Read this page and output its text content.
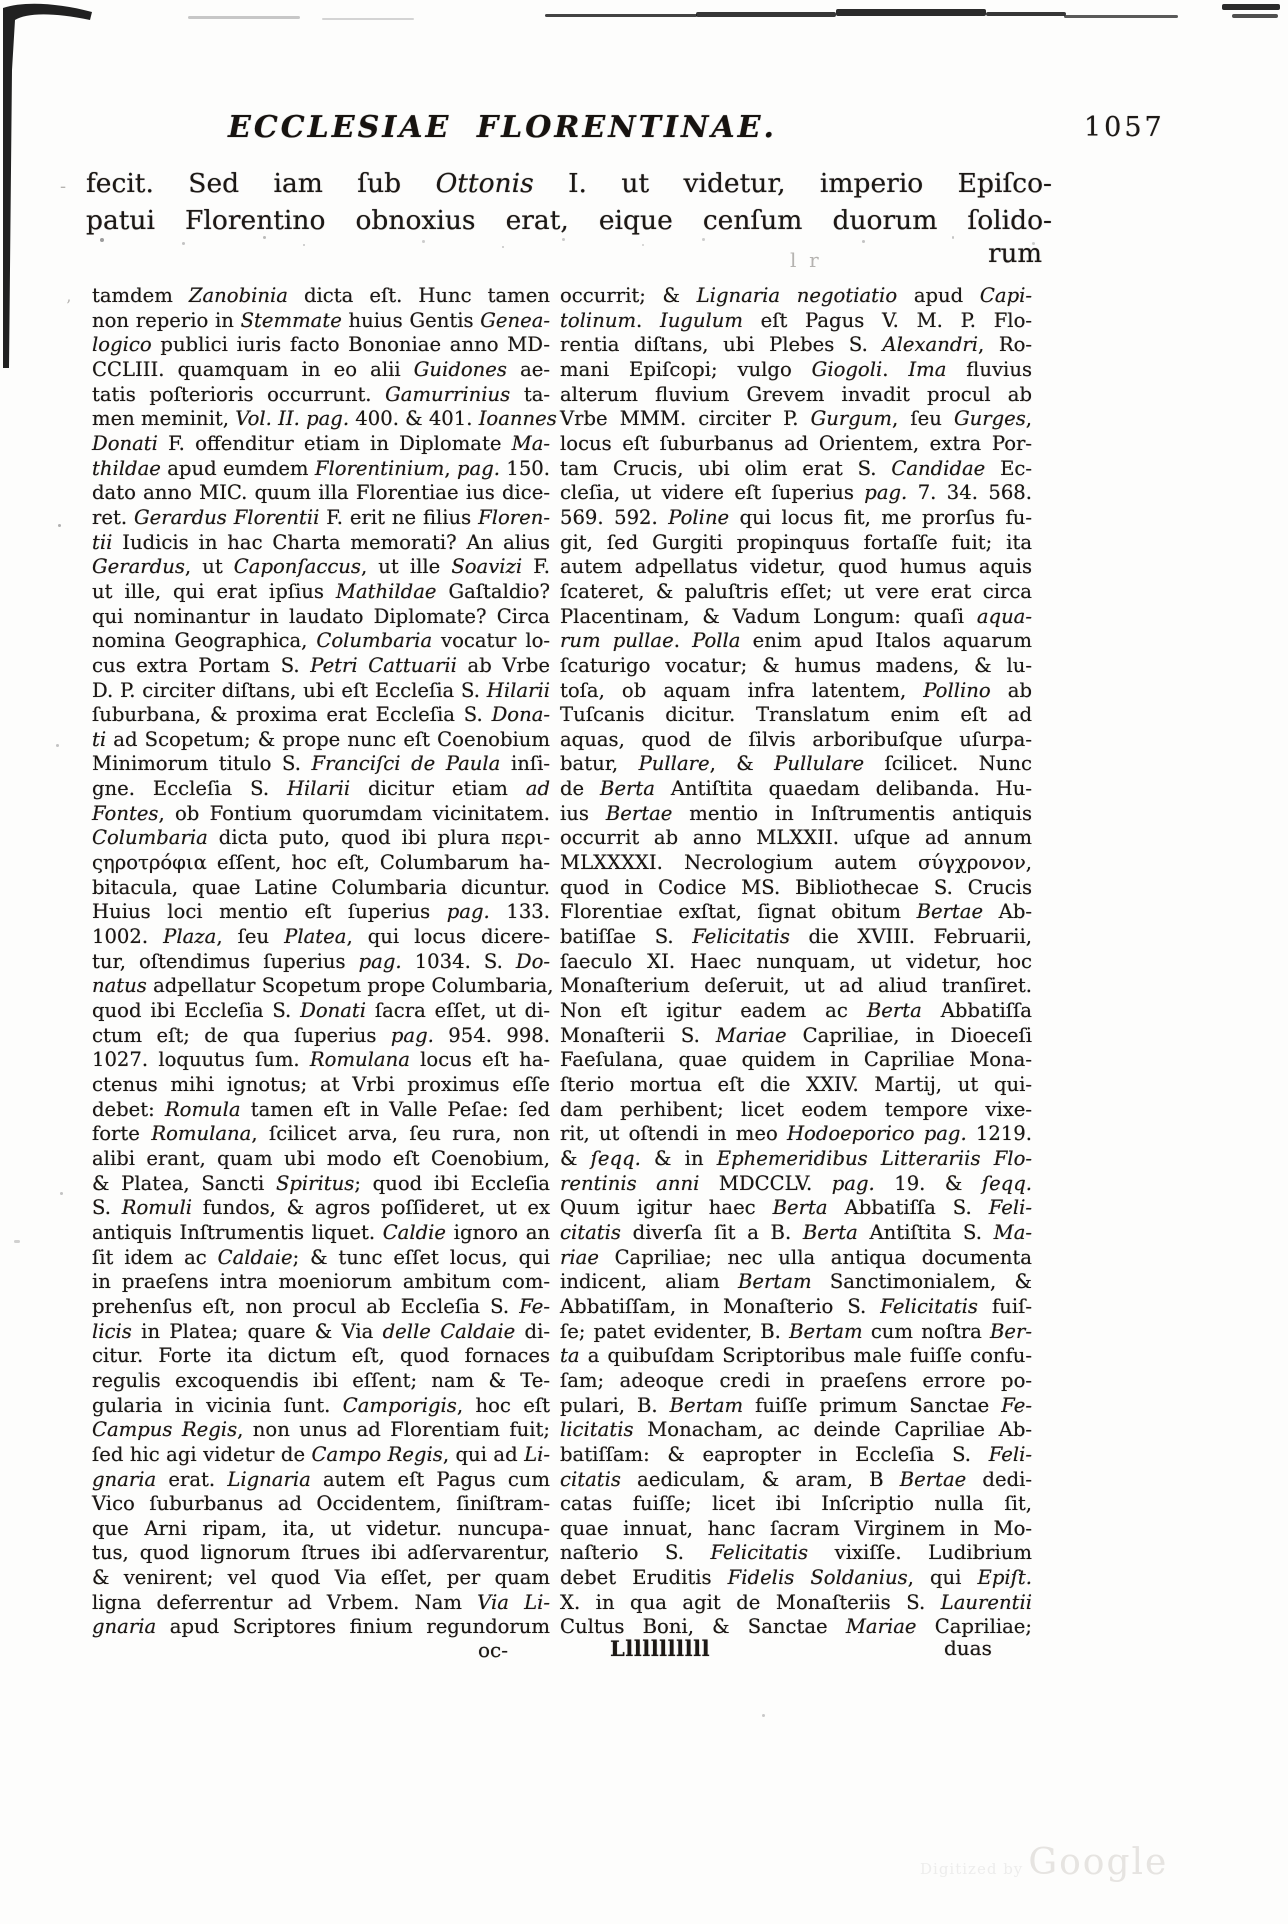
l  r
-
’
ECCLESIAE FLORENTINAE.	1057
fecit. Sed iam ſub Ottonis I. ut videtur, imperio Epiſco-
patui Florentino obnoxius erat, eique cenſum duorum ſolido-
rum
tamdem Zanobinia dicta eſt. Hunc tamen
non reperio in Stemmate huius Gentis Genea-
logico publici iuris facto Bononiae anno MD-
CCLIII. quamquam in eo alii Guidones ae-
tatis poſterioris occurrunt. Gamurrinius ta-
men meminit, Vol. II. pag. 400. & 401. Ioannes
Donati F. offenditur etiam in Diplomate Ma-
thildae apud eumdem Florentinium, pag. 150.
dato anno MIC. quum illa Florentiae ius dice-
ret. Gerardus Florentii F. erit ne filius Floren-
tii Iudicis in hac Charta memorati? An alius
Gerardus, ut Caponſaccus, ut ille Soavizi F.
ut ille, qui erat ipſius Mathildae Gaſtaldio?
qui nominantur in laudato Diplomate? Circa
nomina Geographica, Columbaria vocatur lo-
cus extra Portam S. Petri Cattuarii ab Vrbe
D. P. circiter diſtans, ubi eſt Eccleſia S. Hilarii
ſuburbana, & proxima erat Eccleſia S. Dona-
ti ad Scopetum; & prope nunc eſt Coenobium
Minimorum titulo S. Franciſci de Paula inſi-
gne. Eccleſia S. Hilarii dicitur etiam ad
Fontes, ob Fontium quorumdam vicinitatem.
Columbaria dicta puto, quod ibi plura περι-
ςηροτρόφια eſſent, hoc eſt, Columbarum ha-
bitacula, quae Latine Columbaria dicuntur.
Huius loci mentio eſt ſuperius pag. 133.
1002. Plaza, ſeu Platea, qui locus dicere-
tur, oſtendimus ſuperius pag. 1034. S. Do-
natus adpellatur Scopetum prope Columbaria,
quod ibi Eccleſia S. Donati ſacra eſſet, ut di-
ctum eſt; de qua ſuperius pag. 954. 998.
1027. loquutus ſum. Romulana locus eſt ha-
ctenus mihi ignotus; at Vrbi proximus eſſe
debet: Romula tamen eſt in Valle Peſae: ſed
forte Romulana, ſcilicet arva, ſeu rura, non
alibi erant, quam ubi modo eſt Coenobium,
& Platea, Sancti Spiritus; quod ibi Eccleſia
S. Romuli fundos, & agros poſſideret, ut ex
antiquis Inſtrumentis liquet. Caldie ignoro an
ſit idem ac Caldaie; & tunc eſſet locus, qui
in praeſens intra moeniorum ambitum com-
prehenſus eſt, non procul ab Eccleſia S. Fe-
licis in Platea; quare & Via delle Caldaie di-
citur. Forte ita dictum eſt, quod fornaces
regulis excoquendis ibi eſſent; nam & Te-
gularia in vicinia ſunt. Camporigis, hoc eſt
Campus Regis, non unus ad Florentiam fuit;
ſed hic agi videtur de Campo Regis, qui ad Li-
gnaria erat. Lignaria autem eſt Pagus cum
Vico ſuburbanus ad Occidentem, ſiniſtram-
que Arni ripam, ita, ut videtur. nuncupa-
tus, quod lignorum ſtrues ibi adſervarentur,
& venirent; vel quod Via eſſet, per quam
ligna deferrentur ad Vrbem. Nam Via Li-
gnaria apud Scriptores finium regundorum
occurrit; & Lignaria negotiatio apud Capi-
tolinum. Iugulum eſt Pagus V. M. P. Flo-
rentia diſtans, ubi Plebes S. Alexandri, Ro-
mani Epiſcopi; vulgo Giogoli. Ima fluvius
alterum fluvium Grevem invadit procul ab
Vrbe MMM. circiter P. Gurgum, ſeu Gurges,
locus eſt ſuburbanus ad Orientem, extra Por-
tam Crucis, ubi olim erat S. Candidae Ec-
cleſia, ut videre eſt ſuperius pag. 7. 34. 568.
569. 592. Poline qui locus fit, me prorſus fu-
git, ſed Gurgiti propinquus fortaſſe fuit; ita
autem adpellatus videtur, quod humus aquis
ſcateret, & paluſtris eſſet; ut vere erat circa
Placentinam, & Vadum Longum: quaſi aqua-
rum pullae. Polla enim apud Italos aquarum
ſcaturigo vocatur; & humus madens, & lu-
toſa, ob aquam infra latentem, Pollino ab
Tuſcanis dicitur. Translatum enim eſt ad
aquas, quod de ſilvis arboribuſque uſurpa-
batur, Pullare, & Pullulare ſcilicet. Nunc
de Berta Antiſtita quaedam delibanda. Hu-
ius Bertae mentio in Inſtrumentis antiquis
occurrit ab anno MLXXII. uſque ad annum
MLXXXXI. Necrologium autem σύγχρονον,
quod in Codice MS. Bibliothecae S. Crucis
Florentiae exſtat, ſignat obitum Bertae Ab-
batiſſae S. Felicitatis die XVIII. Februarii,
ſaeculo XI. Haec nunquam, ut videtur, hoc
Monaſterium deſeruit, ut ad aliud tranſiret.
Non eſt igitur eadem ac Berta Abbatiſſa
Monaſterii S. Mariae Capriliae, in Dioeceſi
Faeſulana, quae quidem in Capriliae Mona-
ſterio mortua eſt die XXIV. Martij, ut qui-
dam perhibent; licet eodem tempore vixe-
rit, ut oſtendi in meo Hodoeporico pag. 1219.
& ſeqq. & in Ephemeridibus Litterariis Flo-
rentinis anni MDCCLV. pag. 19. & ſeqq.
Quum igitur haec Berta Abbatiſſa S. Feli-
citatis diverſa ſit a B. Berta Antiſtita S. Ma-
riae Capriliae; nec ulla antiqua documenta
indicent, aliam Bertam Sanctimonialem, &
Abbatiſſam, in Monaſterio S. Felicitatis fuiſ-
ſe; patet evidenter, B. Bertam cum noſtra Ber-
ta a quibuſdam Scriptoribus male fuiſſe confu-
ſam; adeoque credi in praeſens errore po-
pulari, B. Bertam fuiſſe primum Sanctae Fe-
licitatis Monacham, ac deinde Capriliae Ab-
batiſſam: & eapropter in Eccleſia S. Feli-
citatis aediculam, & aram, B Bertae dedi-
catas fuiſſe; licet ibi Inſcriptio nulla ſit,
quae innuat, hanc ſacram Virginem in Mo-
naſterio S. Felicitatis vixiſſe. Ludibrium
debet Eruditis Fidelis Soldanius, qui Epiſt.
X. in qua agit de Monaſteriis S. Laurentii
Cultus Boni, & Sanctae Mariae Capriliae;
oc-	Lllllllllll	duas
Digitized by Google
